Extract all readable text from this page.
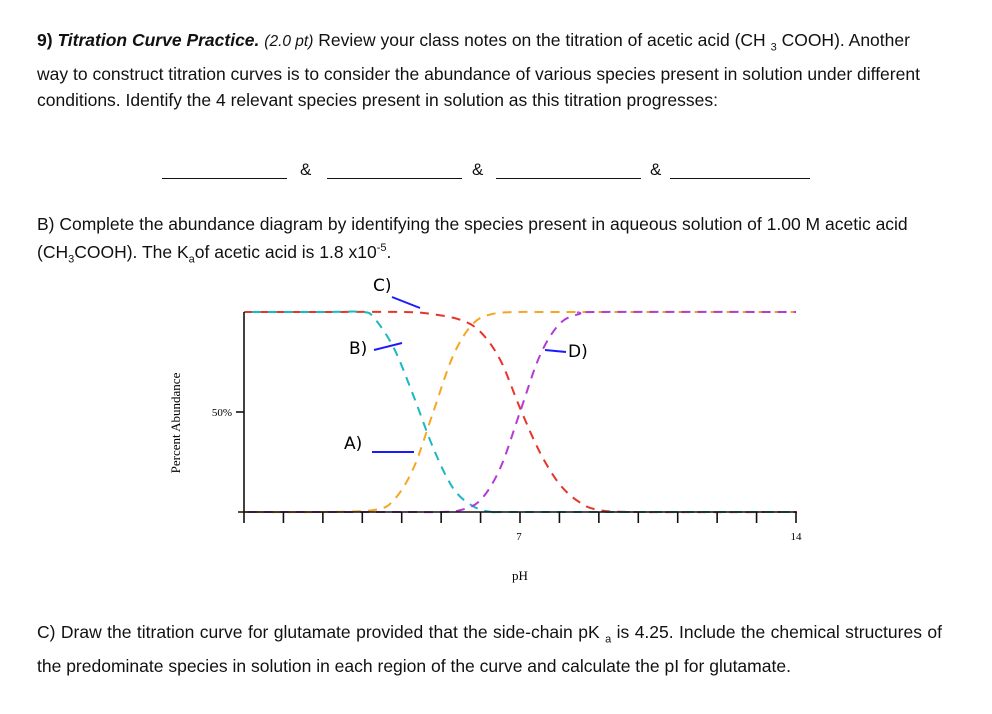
9) Titration Curve Practice. (2.0 pt) Review your class notes on the titration of acetic acid (CH $_3$ COOH). Another way to construct titration curves is to consider the abundance of various species present in solution under different conditions. Identify the 4 relevant species present in solution as this titration progresses:
&	&	&
B) Complete the abundance diagram by identifying the species present in aqueous solution of 1.00 M acetic acid $(CH_3COOH)$. The $K_aof$ acetic acid is 1.8 $x10^{-5}$.
50%
7	14
Percent Abundance
pH
C)
B)
A)
D)
C) Draw the titration curve for glutamate provided that the side-chain pK $_a$ is 4.25. Include the chemical structures of the predominate species in solution in each region of the curve and calculate the pI for glutamate.
